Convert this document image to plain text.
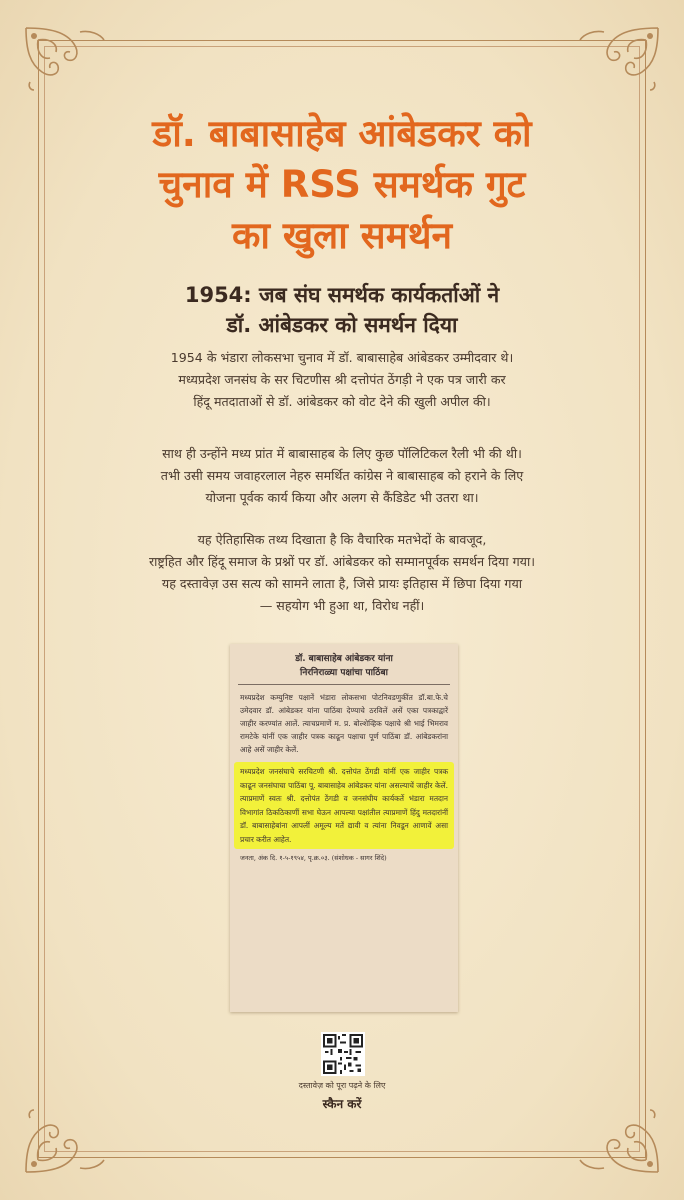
डॉ. बाबासाहेब आंबेडकर को
चुनाव में RSS समर्थक गुट
का खुला समर्थन
1954: जब संघ समर्थक कार्यकर्ताओं ने
डॉ. आंबेडकर को समर्थन दिया
1954 के भंडारा लोकसभा चुनाव में डॉ. बाबासाहेब आंबेडकर उम्मीदवार थे।
मध्यप्रदेश जनसंघ के सर चिटणीस श्री दत्तोपंत ठेंगड़ी ने एक पत्र जारी कर
हिंदू मतदाताओं से डॉ. आंबेडकर को वोट देने की खुली अपील की।
साथ ही उन्होंने मध्य प्रांत में बाबासाहब के लिए कुछ पॉलिटिकल रैली भी की थी।
तभी उसी समय जवाहरलाल नेहरु समर्थित कांग्रेस ने बाबासाहब को हराने के लिए
योजना पूर्वक कार्य किया और अलग से कैंडिडेट भी उतरा था।
यह ऐतिहासिक तथ्य दिखाता है कि वैचारिक मतभेदों के बावजूद,
राष्ट्रहित और हिंदू समाज के प्रश्नों पर डॉ. आंबेडकर को सम्मानपूर्वक समर्थन दिया गया।
यह दस्तावेज़ उस सत्य को सामने लाता है, जिसे प्रायः इतिहास में छिपा दिया गया
— सहयोग भी हुआ था, विरोध नहीं।
डॉ. बाबासाहेब आंबेडकर यांना
निरनिराळ्या पक्षांचा पाठिंबा
मध्यप्रदेश कम्युनिष्ट पक्षानें भंडारा लोकसभा पोटनिवडणुकींत डॉ.बा.फे.चे उमेदवार डॉ. आंबेडकर यांना पाठिंबा देण्याचे ठरविलें असें एका पत्रकाद्वारें जाहीर करण्यांत आलें. त्याचप्रमाणें म. प्र. बोल्शेव्हिक पक्षाचे श्री भाई भिमराव रामटेके यांनीं एक जाहीर पत्रक काढून पक्षाचा पूर्ण पाठिंबा डॉ. आंबेडकरांना आहे असें जाहीर केलें.
मध्यप्रदेश जनसंघाचे सरचिटणी श्री. दत्तोपंत ठेंगडी यांनीं एक जाहीर पत्रक काढून जनसंघाचा पाठिंबा पू. बाबासाहेब आंबेडकर यांना असल्याचें जाहीर केलें. त्याप्रमाणें स्वतः श्री. दत्तोपंत ठेंगडी व जनसंघीय कार्यकर्ते भंडारा मतदान विभागांत ठिकठिकाणीं सभा घेऊन आपल्या पक्षांतील त्याप्रमाणें हिंदु मतदारांनीं डॉ. बाबासाहेबांना आपलीं अमूल्य मतें द्यावी व त्यांना निवडून आणावें असा प्रचार करीत आहेत.
जनता, अंक दि. १-५-१९५४, पृ.क्र.०३. (संशोधक - सागर शिंदे)
दस्तावेज़ को पूरा पढ़ने के लिए
स्कैन करें
